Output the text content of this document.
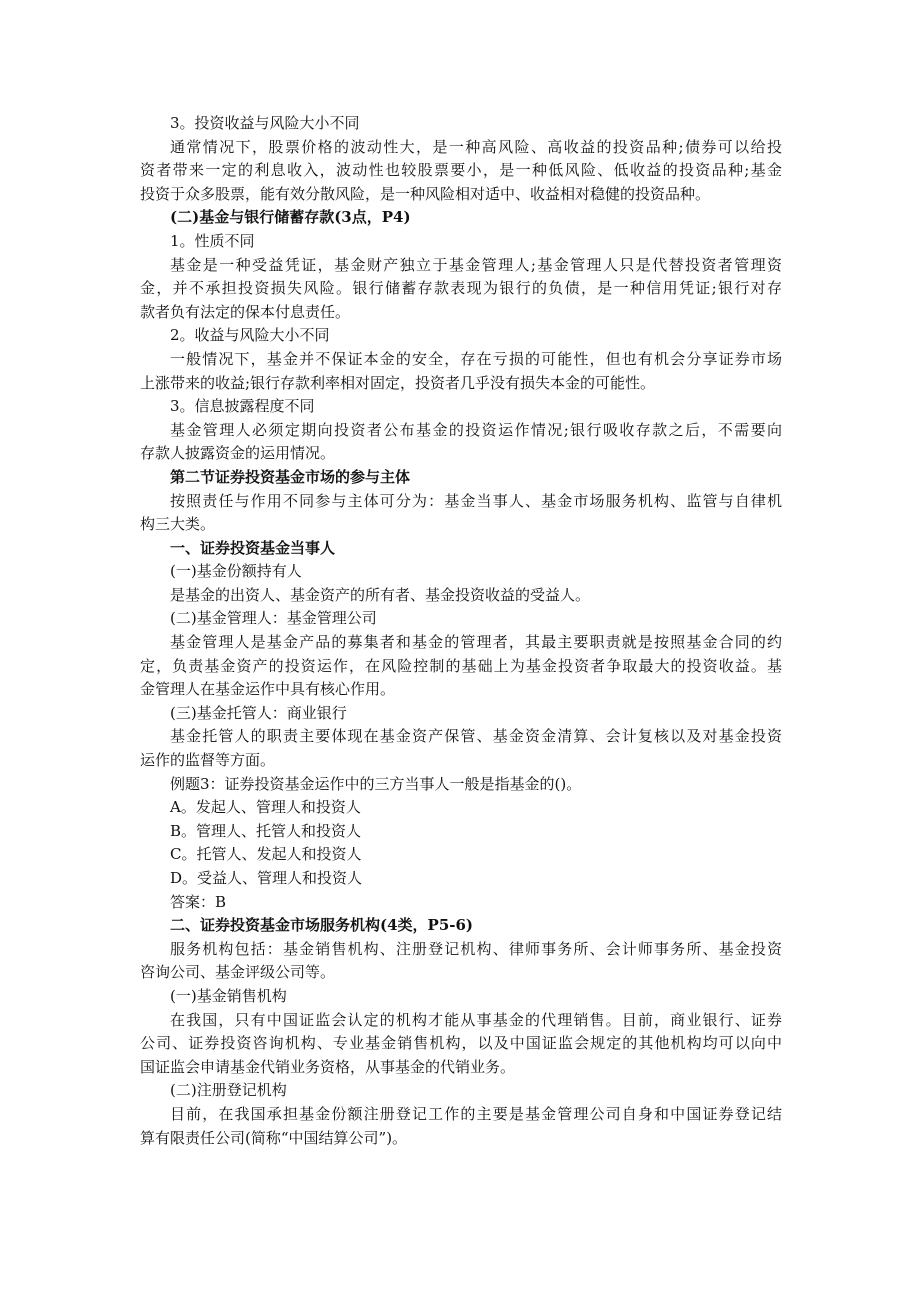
3。投资收益与风险大小不同
通常情况下，股票价格的波动性大，是一种高风险、高收益的投资品种;债券可以给投
资者带来一定的利息收入，波动性也较股票要小，是一种低风险、低收益的投资品种;基金
投资于众多股票，能有效分散风险，是一种风险相对适中、收益相对稳健的投资品种。
(二)基金与银行储蓄存款(3点，P4)
1。性质不同
基金是一种受益凭证，基金财产独立于基金管理人;基金管理人只是代替投资者管理资
金，并不承担投资损失风险。银行储蓄存款表现为银行的负债，是一种信用凭证;银行对存
款者负有法定的保本付息责任。
2。收益与风险大小不同
一般情况下，基金并不保证本金的安全，存在亏损的可能性，但也有机会分享证券市场
上涨带来的收益;银行存款利率相对固定，投资者几乎没有损失本金的可能性。
3。信息披露程度不同
基金管理人必须定期向投资者公布基金的投资运作情况;银行吸收存款之后，不需要向
存款人披露资金的运用情况。
第二节证券投资基金市场的参与主体
按照责任与作用不同参与主体可分为：基金当事人、基金市场服务机构、监管与自律机
构三大类。
一、证券投资基金当事人
(一)基金份额持有人
是基金的出资人、基金资产的所有者、基金投资收益的受益人。
(二)基金管理人：基金管理公司
基金管理人是基金产品的募集者和基金的管理者，其最主要职责就是按照基金合同的约
定，负责基金资产的投资运作，在风险控制的基础上为基金投资者争取最大的投资收益。基
金管理人在基金运作中具有核心作用。
(三)基金托管人：商业银行
基金托管人的职责主要体现在基金资产保管、基金资金清算、会计复核以及对基金投资
运作的监督等方面。
例题3：证券投资基金运作中的三方当事人一般是指基金的()。
A。发起人、管理人和投资人
B。管理人、托管人和投资人
C。托管人、发起人和投资人
D。受益人、管理人和投资人
答案：B
二、证券投资基金市场服务机构(4类，P5-6)
服务机构包括：基金销售机构、注册登记机构、律师事务所、会计师事务所、基金投资
咨询公司、基金评级公司等。
(一)基金销售机构
在我国，只有中国证监会认定的机构才能从事基金的代理销售。目前，商业银行、证券
公司、证券投资咨询机构、专业基金销售机构，以及中国证监会规定的其他机构均可以向中
国证监会申请基金代销业务资格，从事基金的代销业务。
(二)注册登记机构
目前，在我国承担基金份额注册登记工作的主要是基金管理公司自身和中国证券登记结
算有限责任公司(简称“中国结算公司”)。
